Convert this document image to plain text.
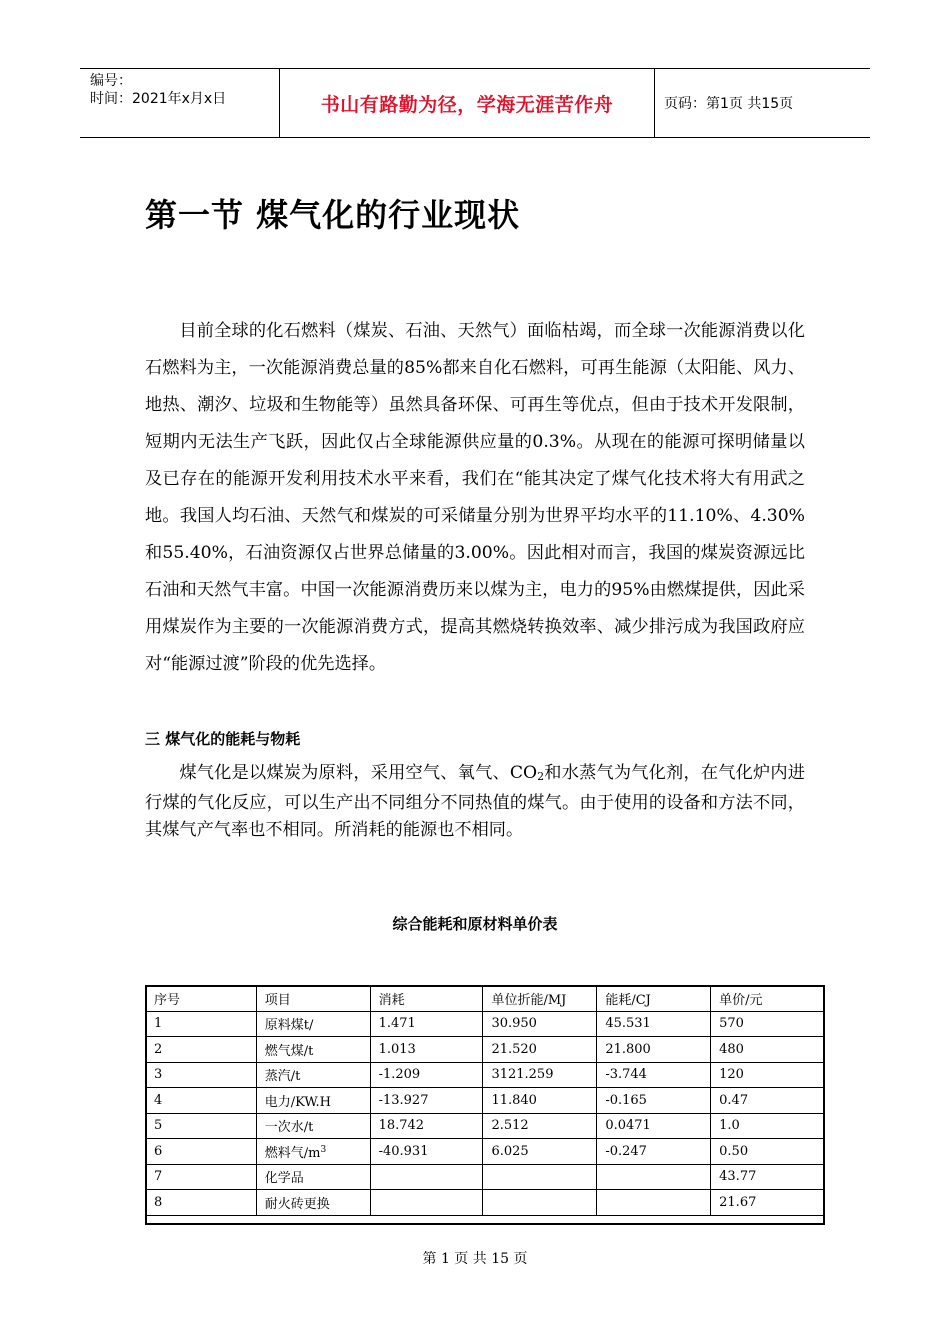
编号：
时间：2021年x月x日	书山有路勤为径，学海无涯苦作舟	页码：第1页 共15页
第一节 煤气化的行业现状
目前全球的化石燃料（煤炭、石油、天然气）面临枯竭，而全球一次能源消费以化石燃料为主，一次能源消费总量的85%都来自化石燃料，可再生能源（太阳能、风力、地热、潮汐、垃圾和生物能等）虽然具备环保、可再生等优点，但由于技术开发限制，短期内无法生产飞跃，因此仅占全球能源供应量的0.3%。从现在的能源可探明储量以及已存在的能源开发利用技术水平来看，我们在“能其决定了煤气化技术将大有用武之地。我国人均石油、天然气和煤炭的可采储量分别为世界平均水平的11.10%、4.30%和55.40%，石油资源仅占世界总储量的3.00%。因此相对而言，我国的煤炭资源远比石油和天然气丰富。中国一次能源消费历来以煤为主，电力的95%由燃煤提供，因此采用煤炭作为主要的一次能源消费方式，提高其燃烧转换效率、减少排污成为我国政府应对“能源过渡”阶段的优先选择。
三 煤气化的能耗与物耗
煤气化是以煤炭为原料，采用空气、氧气、$CO_2$和水蒸气为气化剂，在气化炉内进行煤的气化反应，可以生产出不同组分不同热值的煤气。由于使用的设备和方法不同，其煤气产气率也不相同。所消耗的能源也不相同。
综合能耗和原材料单价表
序号	项目	消耗	单位折能/MJ	能耗/CJ	单价/元
1	原料煤t/	1.471	30.950	45.531	570
2	燃气煤/t	1.013	21.520	21.800	480
3	蒸汽/t	-1.209	3121.259	-3.744	120
4	电力/KW.H	-13.927	11.840	-0.165	0.47
5	一次水/t	18.742	2.512	0.0471	1.0
6	燃料气$/m^3$	-40.931	6.025	-0.247	0.50
7	化学品				43.77
8	耐火砖更换				21.67
第 1 页 共 15 页
